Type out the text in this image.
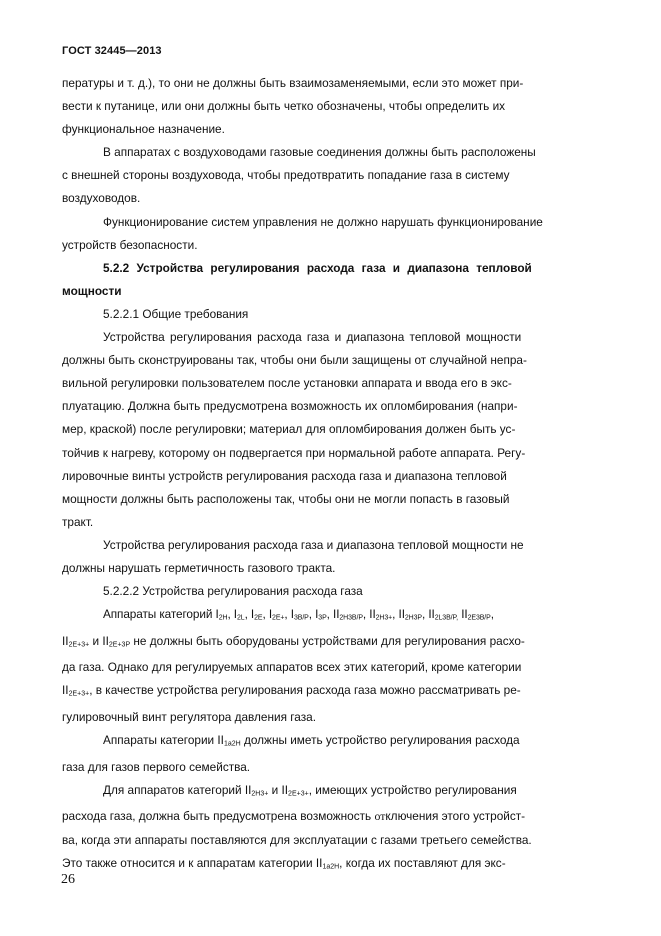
ГОСТ 32445—2013
пературы и т. д.), то они не должны быть взаимозаменяемыми, если это может при-
вести к путанице, или они должны быть четко обозначены, чтобы определить их
функциональное назначение.
В аппаратах с воздуховодами газовые соединения должны быть расположены
с внешней стороны воздуховода, чтобы предотвратить попадание газа в систему
воздуховодов.
Функционирование систем управления не должно нарушать функционирование
устройств безопасности.
5.2.2 Устройства регулирования расхода газа и диапазона тепловой
мощности
5.2.2.1 Общие требования
Устройства регулирования расхода газа и диапазона тепловой мощности
должны быть сконструированы так, чтобы они были защищены от случайной непра-
вильной регулировки пользователем после установки аппарата и ввода его в экс-
плуатацию. Должна быть предусмотрена возможность их опломбирования (напри-
мер, краской) после регулировки; материал для опломбирования должен быть ус-
тойчив к нагреву, которому он подвергается при нормальной работе аппарата. Регу-
лировочные винты устройств регулирования расхода газа и диапазона тепловой
мощности должны быть расположены так, чтобы они не могли попасть в газовый
тракт.
Устройства регулирования расхода газа и диапазона тепловой мощности не
должны нарушать герметичность газового тракта.
5.2.2.2 Устройства регулирования расхода газа
Аппараты категорий $I_{2H}$, $I_{2L}$, $I_{2E}$, $I_{2E+}$, $I_{3B/P}$, $I_{3P}$, $II_{2H3B/P}$, $II_{2H3+}$, $II_{2H3P}$, $II_{2L3B/P,}$ $II_{2E3B/P}$,
$II_{2E+3+}$ и $II_{2E+3P}$ не должны быть оборудованы устройствами для регулирования расхо-
да газа. Однако для регулируемых аппаратов всех этих категорий, кроме категории
$II_{2E+3+}$, в качестве устройства регулирования расхода газа можно рассматривать ре-
гулировочный винт регулятора давления газа.
Аппараты категории $II_{1a2H}$ должны иметь устройство регулирования расхода
газа для газов первого семейства.
Для аппаратов категорий $II_{2H3+}$ и $II_{2E+3+}$, имеющих устройство регулирования
расхода газа, должна быть предусмотрена возможность отключения этого устройст-
ва, когда эти аппараты поставляются для эксплуатации с газами третьего семейства.
Это также относится и к аппаратам категории $II_{1a2H}$, когда их поставляют для экс-
26
